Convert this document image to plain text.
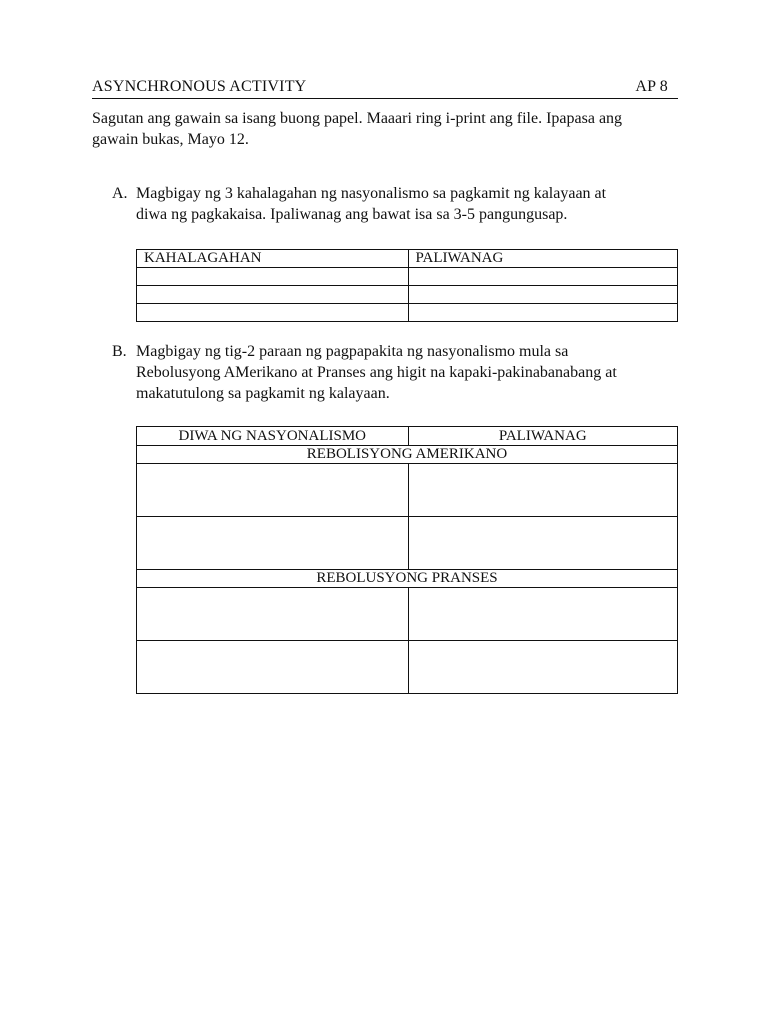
ASYNCHRONOUS ACTIVITY	AP 8
Sagutan ang gawain sa isang buong papel. Maaari ring i-print ang file. Ipapasa ang
gawain bukas, Mayo 12.
A. Magbigay ng 3 kahalagahan ng nasyonalismo sa pagkamit ng kalayaan at
diwa ng pagkakaisa. Ipaliwanag ang bawat isa sa 3-5 pangungusap.
KAHALAGAHAN	PALIWANAG

B. Magbigay ng tig-2 paraan ng pagpapakita ng nasyonalismo mula sa
Rebolusyong AMerikano at Pranses ang higit na kapaki-pakinabanabang at
makatutulong sa pagkamit ng kalayaan.
DIWA NG NASYONALISMO	PALIWANAG
REBOLISYONG AMERIKANO	

REBOLUSYONG PRANSES	
